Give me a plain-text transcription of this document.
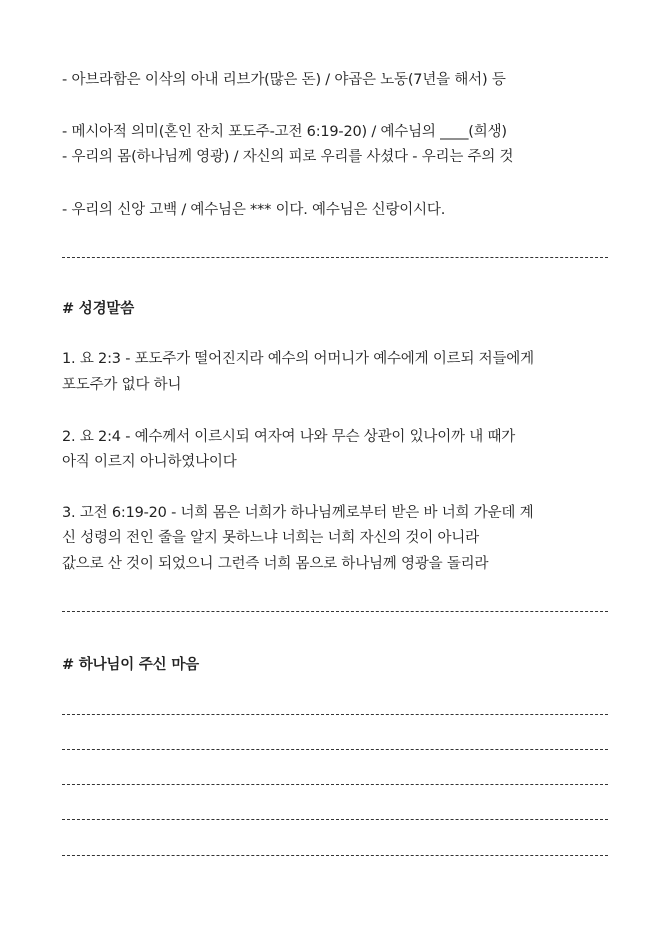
- 아브라함은 이삭의 아내 리브가(많은 돈) / 야곱은 노동(7년을 해서) 등
- 메시아적 의미(혼인 잔치 포도주-고전 6:19-20) / 예수님의 ____(희생)
- 우리의 몸(하나님께 영광) / 자신의 피로 우리를 사셨다 - 우리는 주의 것
- 우리의 신앙 고백 / 예수님은 *** 이다. 예수님은 신랑이시다.
# 성경말씀
1. 요 2:3 - 포도주가 떨어진지라 예수의 어머니가 예수에게 이르되 저들에게
포도주가 없다 하니
2. 요 2:4 - 예수께서 이르시되 여자여 나와 무슨 상관이 있나이까 내 때가
아직 이르지 아니하였나이다
3. 고전 6:19-20 - 너희 몸은 너희가 하나님께로부터 받은 바 너희 가운데 계
신 성령의 전인 줄을 알지 못하느냐 너희는 너희 자신의 것이 아니라
값으로 산 것이 되었으니 그런즉 너희 몸으로 하나님께 영광을 돌리라
# 하나님이 주신 마음
